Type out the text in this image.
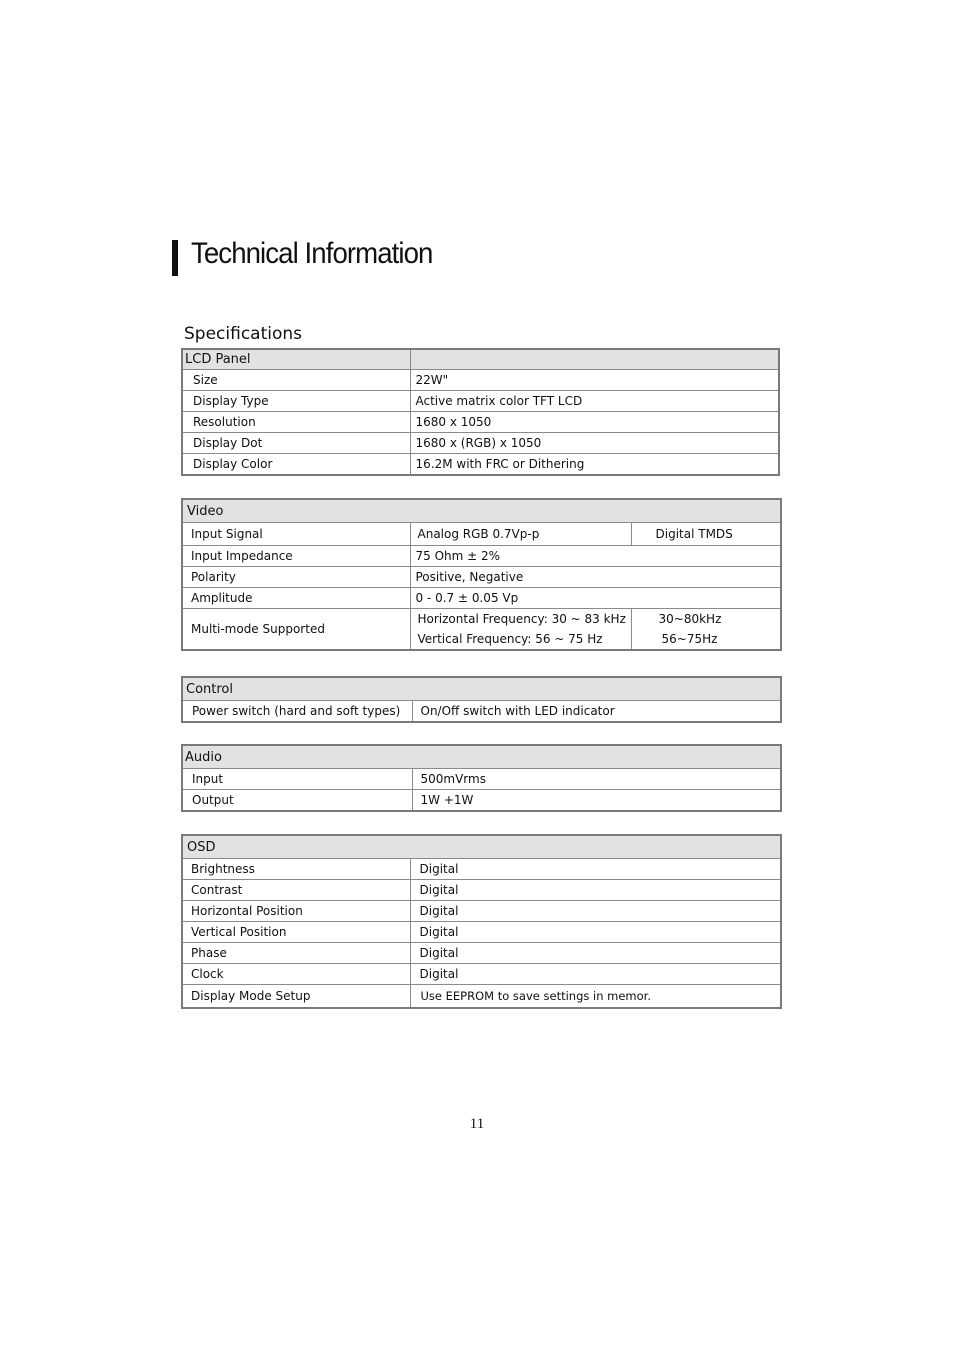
Technical Information
Specifications
LCD Panel	
Size	22W"
Display Type	Active matrix color TFT LCD
Resolution	1680 x 1050
Display Dot	1680 x (RGB) x 1050
Display Color	16.2M with FRC or Dithering
Video		
Input Signal	Analog RGB 0.7Vp-p	Digital TMDS
Input Impedance	75 Ohm ± 2%	
Polarity	Positive, Negative	
Amplitude	0 - 0.7 ± 0.05 Vp	
Multi-mode Supported	Horizontal Frequency: 30 ~ 83 kHz	30~80kHz
	Vertical Frequency: 56 ~ 75 Hz	56~75Hz
Control
Power switch (hard and soft types)	On/Off switch with LED indicator
Audio	
Input	500mVrms
Output	1W +1W
OSD	
Brightness	Digital
Contrast	Digital
Horizontal Position	Digital
Vertical Position	Digital
Phase	Digital
Clock	Digital
Display Mode Setup	Use EEPROM to save settings in memor.
11
